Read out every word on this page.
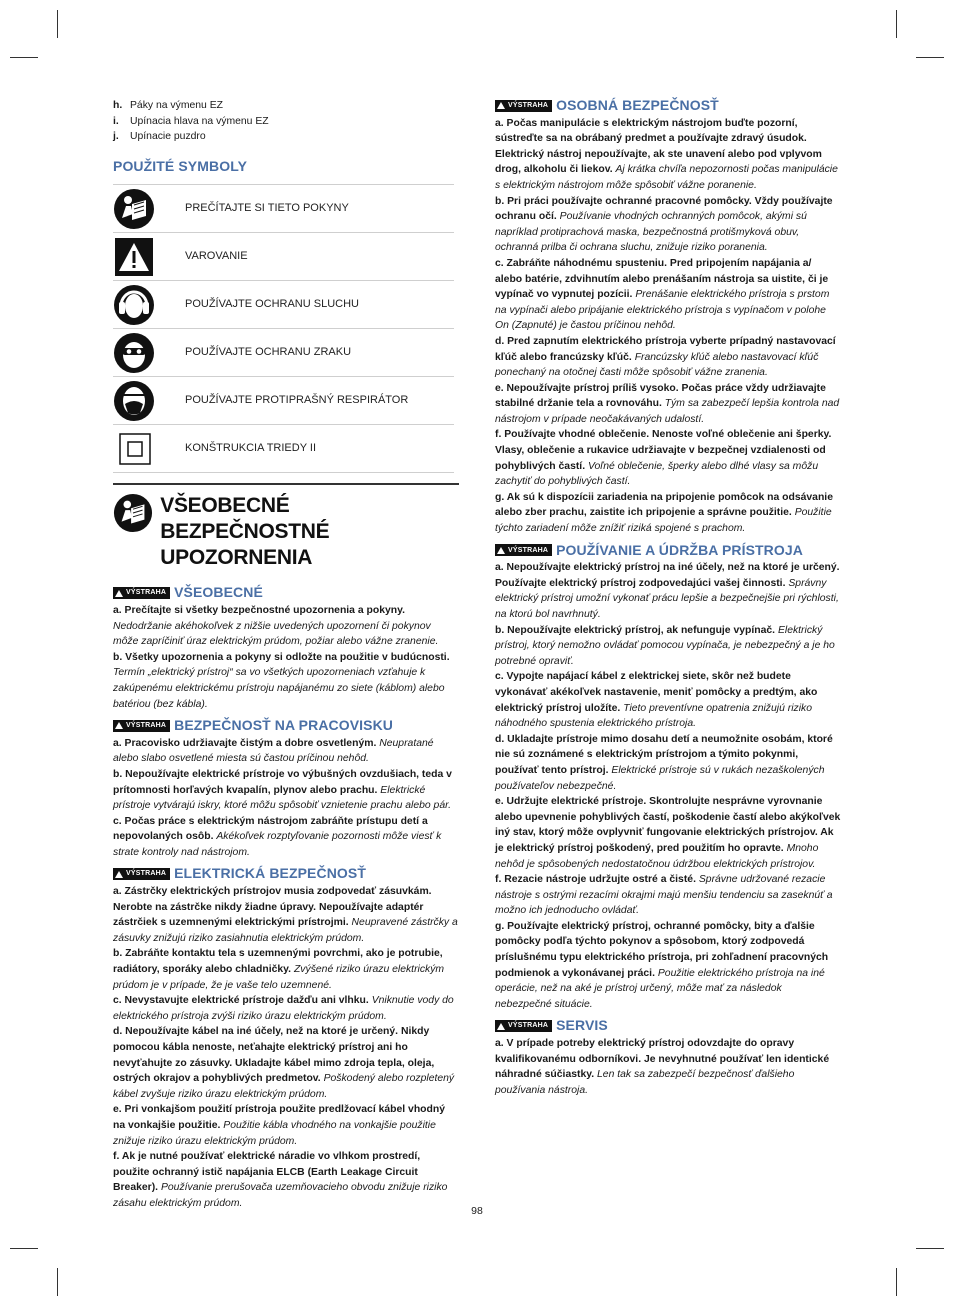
h. Páky na výmenu EZ
i.	Upínacia hlava na výmenu EZ
j.	Upínacie puzdro
POUŽITÉ SYMBOLY
PREČÍTAJTE SI TIETO POKYNY
VAROVANIE
POUŽÍVAJTE OCHRANU SLUCHU
POUŽÍVAJTE OCHRANU ZRAKU
POUŽÍVAJTE PROTIPRAŠNÝ RESPIRÁTOR
KONŠTRUKCIA TRIEDY II
VŠEOBECNÉ BEZPEČNOSTNÉ
UPOZORNENIA
VÝSTRAHA VŠEOBECNÉ

a. Prečítajte si všetky bezpečnostné upozornenia a pokyny. Nedodržanie akéhokoľvek z nižšie uvedených upozornení či pokynov môže zapríčiniť úraz elektrickým prúdom, požiar alebo vážne zranenie.

b. Všetky upozornenia a pokyny si odložte na použitie v budúcnosti. Termín „elektrický prístroj“ sa vo všetkých upozorneniach vzťahuje k zakúpenému elektrickému prístroju napájanému zo siete (káblom) alebo batériou (bez kábla).

VÝSTRAHA BEZPEČNOSŤ NA PRACOVISKU

a. Pracovisko udržiavajte čistým a dobre osvetleným. Neupratané alebo slabo osvetlené miesta sú častou príčinou nehôd.

b. Nepoužívajte elektrické prístroje vo výbušných ovzdušiach, teda v prítomnosti horľavých kvapalín, plynov alebo prachu. Elektrické prístroje vytvárajú iskry, ktoré môžu spôsobiť vznietenie prachu alebo pár.

c. Počas práce s elektrickým nástrojom zabráňte prístupu detí a nepovolaných osôb. Akékoľvek rozptyľovanie pozornosti môže viesť k strate kontroly nad nástrojom.

VÝSTRAHA ELEKTRICKÁ BEZPEČNOSŤ

a. Zástrčky elektrických prístrojov musia zodpovedať zásuvkám. Nerobte na zástrčke nikdy žiadne úpravy. Nepoužívajte adaptér zástrčiek s uzemnenými elektrickými prístrojmi. Neupravené zástrčky a zásuvky znižujú riziko zasiahnutia elektrickým prúdom.

b. Zabráňte kontaktu tela s uzemnenými povrchmi, ako je potrubie, radiátory, sporáky alebo chladničky. Zvýšené riziko úrazu elektrickým prúdom je v prípade, že je vaše telo uzemnené.

c. Nevystavujte elektrické prístroje dažďu ani vlhku. Vniknutie vody do elektrického prístroja zvýši riziko úrazu elektrickým prúdom.

d. Nepoužívajte kábel na iné účely, než na ktoré je určený. Nikdy pomocou kábla nenoste, neťahajte elektrický prístroj ani ho nevyťahujte zo zásuvky. Ukladajte kábel mimo zdroja tepla, oleja, ostrých okrajov a pohyblivých predmetov. Poškodený alebo rozpletený kábel zvyšuje riziko úrazu elektrickým prúdom.

e. Pri vonkajšom použití prístroja použite predlžovací kábel vhodný na vonkajšie použitie. Použitie kábla vhodného na vonkajšie použitie znižuje riziko úrazu elektrickým prúdom.

f. Ak je nutné používať elektrické náradie vo vlhkom prostredí, použite ochranný istič napájania ELCB (Earth Leakage Circuit Breaker). Používanie prerušovača uzemňovacieho obvodu znižuje riziko zásahu elektrickým prúdom.

VÝSTRAHA OSOBNÁ BEZPEČNOSŤ

a. Počas manipulácie s elektrickým nástrojom buďte pozorní, sústreďte sa na obrábaný predmet a používajte zdravý úsudok. Elektrický nástroj nepoužívajte, ak ste unavení alebo pod vplyvom drog, alkoholu či liekov. Aj krátka chvíľa nepozornosti počas manipulácie s elektrickým nástrojom môže spôsobiť vážne poranenie.

b. Pri práci používajte ochranné pracovné pomôcky. Vždy používajte ochranu očí. Používanie vhodných ochranných pomôcok, akými sú napríklad protiprachová maska, bezpečnostná protišmyková obuv, ochranná prilba či ochrana sluchu, znižuje riziko poranenia.

c. Zabráňte náhodnému spusteniu. Pred pripojením napájania a/ alebo batérie, zdvihnutím alebo prenášaním nástroja sa uistite, či je vypínač vo vypnutej pozícii. Prenášanie elektrického prístroja s prstom na vypínači alebo pripájanie elektrického prístroja s vypínačom v polohe On (Zapnuté) je častou príčinou nehôd.

d. Pred zapnutím elektrického prístroja vyberte prípadný nastavovací kľúč alebo francúzsky kľúč. Francúzsky kľúč alebo nastavovací kľúč ponechaný na otočnej časti môže spôsobiť vážne zranenia.

e. Nepoužívajte prístroj príliš vysoko. Počas práce vždy udržiavajte stabilné držanie tela a rovnováhu. Tým sa zabezpečí lepšia kontrola nad nástrojom v prípade neočakávaných udalostí.

f. Používajte vhodné oblečenie. Nenoste voľné oblečenie ani šperky. Vlasy, oblečenie a rukavice udržiavajte v bezpečnej vzdialenosti od pohyblivých častí. Voľné oblečenie, šperky alebo dlhé vlasy sa môžu zachytiť do pohyblivých častí.

g. Ak sú k dispozícii zariadenia na pripojenie pomôcok na odsávanie alebo zber prachu, zaistite ich pripojenie a správne použitie. Použitie týchto zariadení môže znížiť riziká spojené s prachom.

VÝSTRAHA POUŽÍVANIE A ÚDRŽBA PRÍSTROJA

a. Nepoužívajte elektrický prístroj na iné účely, než na ktoré je určený. Používajte elektrický prístroj zodpovedajúci vašej činnosti. Správny elektrický prístroj umožní vykonať prácu lepšie a bezpečnejšie pri rýchlosti, na ktorú bol navrhnutý.

b. Nepoužívajte elektrický prístroj, ak nefunguje vypínač. Elektrický prístroj, ktorý nemožno ovládať pomocou vypínača, je nebezpečný a je ho potrebné opraviť.

c. Vypojte napájací kábel z elektrickej siete, skôr než budete vykonávať akékoľvek nastavenie, meniť pomôcky a predtým, ako elektrický prístroj uložíte. Tieto preventívne opatrenia znižujú riziko náhodného spustenia elektrického prístroja.

d. Ukladajte prístroje mimo dosahu detí a neumožnite osobám, ktoré nie sú zoznámené s elektrickým prístrojom a týmito pokynmi, používať tento prístroj. Elektrické prístroje sú v rukách nezaškolených používateľov nebezpečné.

e. Udržujte elektrické prístroje. Skontrolujte nesprávne vyrovnanie alebo upevnenie pohyblivých častí, poškodenie častí alebo akýkoľvek iný stav, ktorý môže ovplyvniť fungovanie elektrických prístrojov. Ak je elektrický prístroj poškodený, pred použitím ho opravte. Mnoho nehôd je spôsobených nedostatočnou údržbou elektrických prístrojov.

f. Rezacie nástroje udržujte ostré a čisté. Správne udržované rezacie nástroje s ostrými rezacími okrajmi majú menšiu tendenciu sa zaseknúť a možno ich jednoducho ovládať.

g. Používajte elektrický prístroj, ochranné pomôcky, bity a ďalšie pomôcky podľa týchto pokynov a spôsobom, ktorý zodpovedá príslušnému typu elektrického prístroja, pri zohľadnení pracovných podmienok a vykonávanej práci. Použitie elektrického prístroja na iné operácie, než na aké je prístroj určený, môže mať za následok nebezpečné situácie.

VÝSTRAHA SERVIS

a. V prípade potreby elektrický prístroj odovzdajte do opravy kvalifikovanému odborníkovi. Je nevyhnutné používať len identické náhradné súčiastky. Len tak sa zabezpečí bezpečnosť ďalšieho používania nástroja.

98
